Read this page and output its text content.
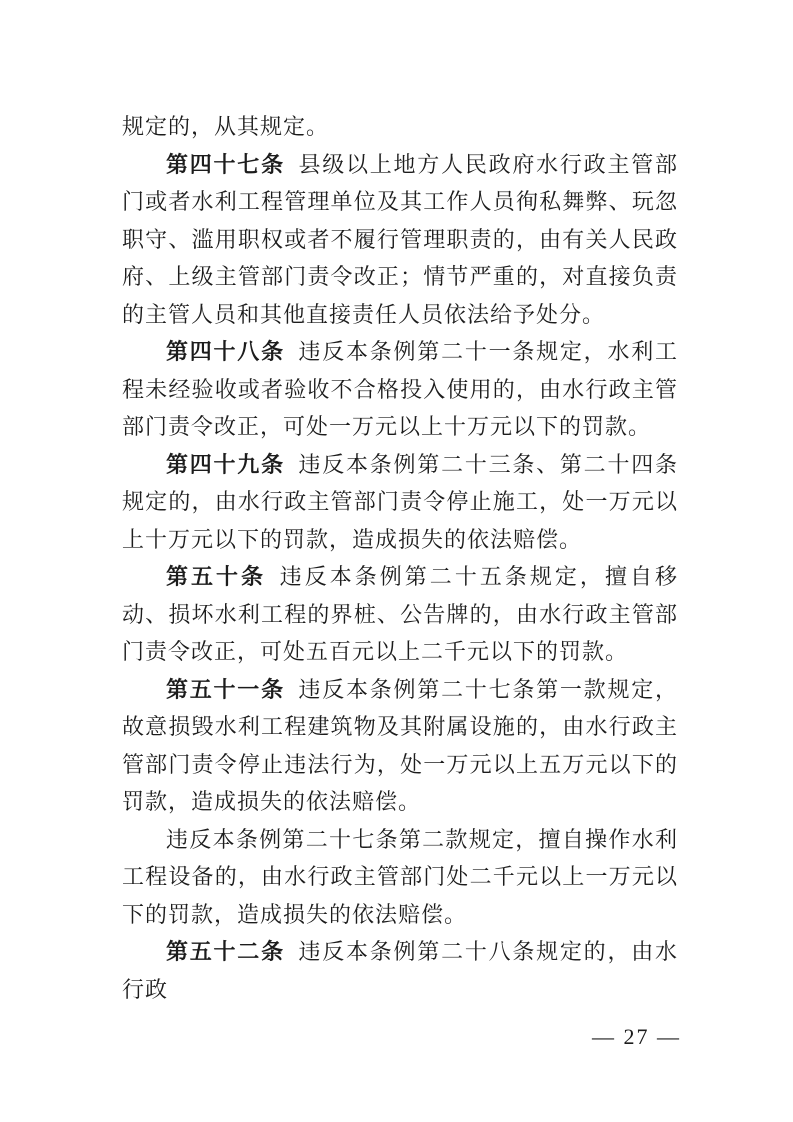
规定的，从其规定。

第四十七条 县级以上地方人民政府水行政主管部门或者水利工程管理单位及其工作人员徇私舞弊、玩忽职守、滥用职权或者不履行管理职责的，由有关人民政府、上级主管部门责令改正；情节严重的，对直接负责的主管人员和其他直接责任人员依法给予处分。

第四十八条 违反本条例第二十一条规定，水利工程未经验收或者验收不合格投入使用的，由水行政主管部门责令改正，可处一万元以上十万元以下的罚款。

第四十九条 违反本条例第二十三条、第二十四条规定的，由水行政主管部门责令停止施工，处一万元以上十万元以下的罚款，造成损失的依法赔偿。

第五十条 违反本条例第二十五条规定，擅自移动、损坏水利工程的界桩、公告牌的，由水行政主管部门责令改正，可处五百元以上二千元以下的罚款。

第五十一条 违反本条例第二十七条第一款规定，故意损毁水利工程建筑物及其附属设施的，由水行政主管部门责令停止违法行为，处一万元以上五万元以下的罚款，造成损失的依法赔偿。

违反本条例第二十七条第二款规定，擅自操作水利工程设备的，由水行政主管部门处二千元以上一万元以下的罚款，造成损失的依法赔偿。

第五十二条 违反本条例第二十八条规定的，由水行政

— 27 —
